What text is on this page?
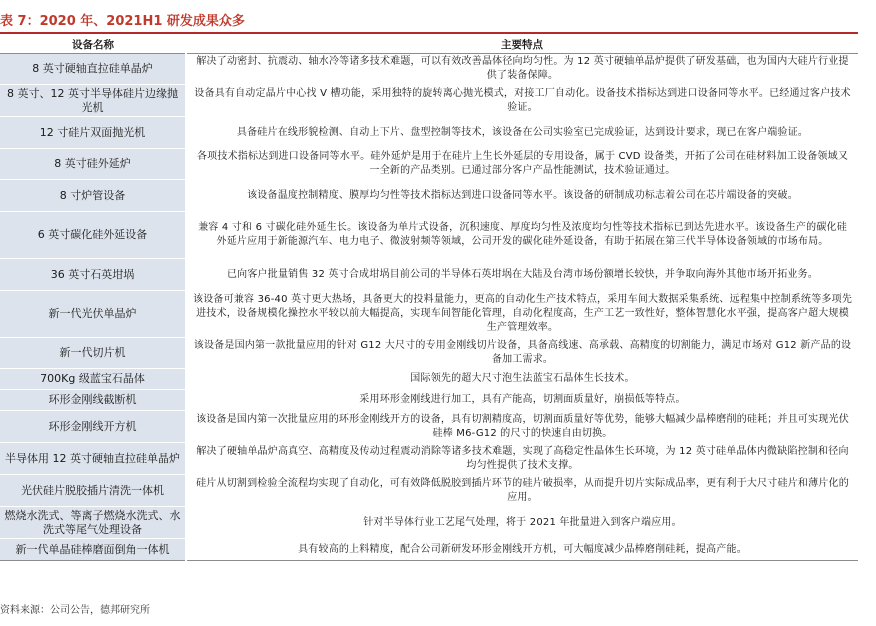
表 7：2020 年、2021H1 研发成果众多
设备名称	主要特点
8 英寸硬轴直拉硅单晶炉	解决了动密封、抗震动、轴水冷等诸多技术难题，可以有效改善晶体径向均匀性。为 12 英寸硬轴单晶炉提供了研发基础，也为国内大硅片行业提供了装备保障。
8 英寸、12 英寸半导体硅片边缘抛光机	设备具有自动定晶片中心找 V 槽功能，采用独特的旋转离心抛光模式，对接工厂自动化。设备技术指标达到进口设备同等水平。已经通过客户技术验证。
12 寸硅片双面抛光机	具备硅片在线形貌检测、自动上下片、盘型控制等技术，该设备在公司实验室已完成验证，达到设计要求，现已在客户端验证。
8 英寸硅外延炉	各项技术指标达到进口设备同等水平。硅外延炉是用于在硅片上生长外延层的专用设备，属于 CVD 设备类，开拓了公司在硅材料加工设备领域又一全新的产品类别。已通过部分客户产品性能测试，技术验证通过。
8 寸炉管设备	该设备温度控制精度、膜厚均匀性等技术指标达到进口设备同等水平。该设备的研制成功标志着公司在芯片端设备的突破。
6 英寸碳化硅外延设备	兼容 4 寸和 6 寸碳化硅外延生长。该设备为单片式设备，沉积速度、厚度均匀性及浓度均匀性等技术指标已到达先进水平。该设备生产的碳化硅外延片应用于新能源汽车、电力电子、微波射频等领域，公司开发的碳化硅外延设备，有助于拓展在第三代半导体设备领域的市场布局。
36 英寸石英坩埚	已向客户批量销售 32 英寸合成坩埚目前公司的半导体石英坩埚在大陆及台湾市场份额增长较快，并争取向海外其他市场开拓业务。
新一代光伏单晶炉	该设备可兼容 36-40 英寸更大热场，具备更大的投料量能力，更高的自动化生产技术特点，采用车间大数据采集系统、远程集中控制系统等多项先进技术，设备规模化操控水平较以前大幅提高，实现车间智能化管理，自动化程度高，生产工艺一致性好，整体智慧化水平强，提高客户超大规模生产管理效率。
新一代切片机	该设备是国内第一款批量应用的针对 G12 大尺寸的专用金刚线切片设备，具备高线速、高承载、高精度的切割能力，满足市场对 G12 新产品的设备加工需求。
700Kg 级蓝宝石晶体	国际领先的超大尺寸泡生法蓝宝石晶体生长技术。
环形金刚线截断机	采用环形金刚线进行加工，具有产能高，切割面质量好，崩损低等特点。
环形金刚线开方机	该设备是国内第一次批量应用的环形金刚线开方的设备，具有切割精度高，切割面质量好等优势，能够大幅减少晶棒磨削的硅耗；并且可实现光伏硅棒 M6-G12 的尺寸的快速自由切换。
半导体用 12 英寸硬轴直拉硅单晶炉	解决了硬轴单晶炉高真空、高精度及传动过程震动消除等诸多技术难题，实现了高稳定性晶体生长环境，为 12 英寸硅单晶体内微缺陷控制和径向均匀性提供了技术支撑。
光伏硅片脱胶插片清洗一体机	硅片从切割到检验全流程均实现了自动化，可有效降低脱胶到插片环节的硅片破损率，从而提升切片实际成品率，更有利于大尺寸硅片和薄片化的应用。
燃烧水洗式、等离子燃烧水洗式、水洗式等尾气处理设备	针对半导体行业工艺尾气处理，将于 2021 年批量进入到客户端应用。
新一代单晶硅棒磨面倒角一体机	具有较高的上料精度，配合公司新研发环形金刚线开方机，可大幅度减少晶棒磨削硅耗，提高产能。
资料来源：公司公告，德邦研究所
